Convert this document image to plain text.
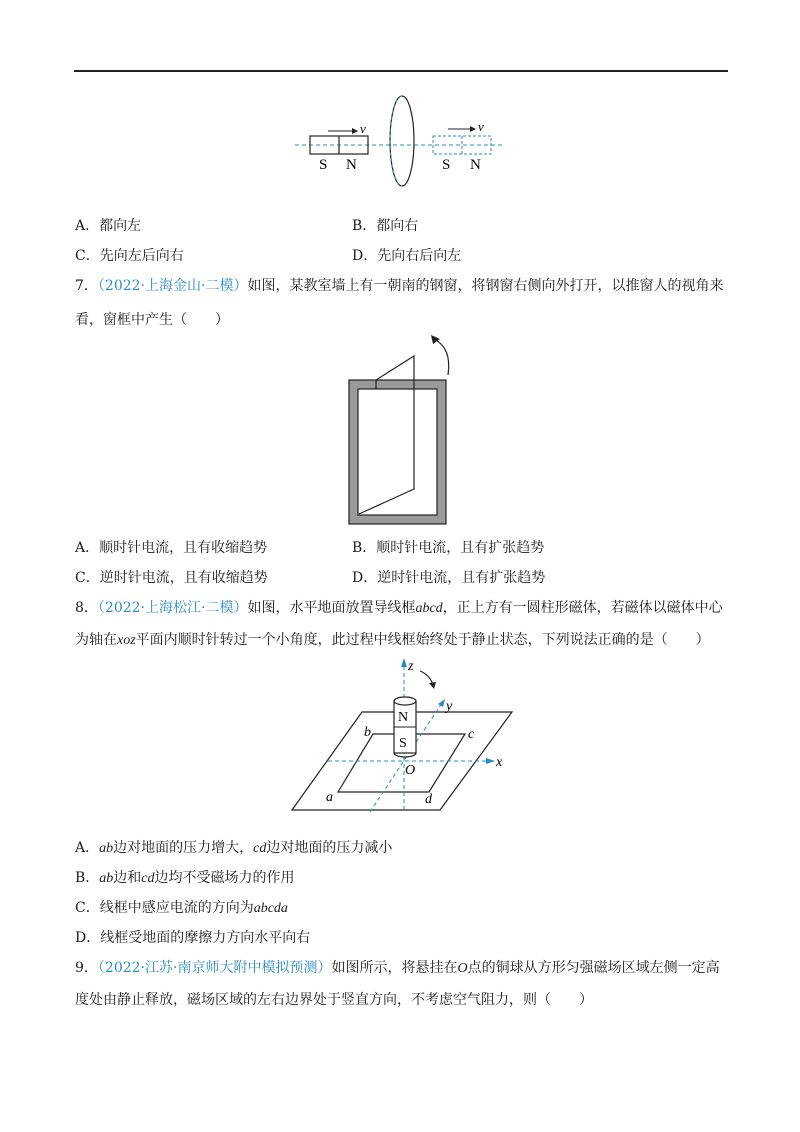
v
S N
v
S N
A．都向左	B．都向右
C．先向左后向右	D．先向右后向左
7．（2022·上海金山·二模）如图，某教室墙上有一朝南的钢窗，将钢窗右侧向外打开，以推窗人的视角来
看，窗框中产生（　　）
A．顺时针电流，且有收缩趋势	B．顺时针电流，且有扩张趋势
C．逆时针电流，且有收缩趋势	D．逆时针电流，且有扩张趋势
8．（2022·上海松江·二模）如图，水平地面放置导线框abcd，正上方有一圆柱形磁体，若磁体以磁体中心
为轴在xoz平面内顺时针转过一个小角度，此过程中线框始终处于静止状态，下列说法正确的是（　　）
z
y
x
O
N
S
a
b	c
d
A．ab边对地面的压力增大，cd边对地面的压力减小
B．ab边和cd边均不受磁场力的作用
C．线框中感应电流的方向为abcda
D．线框受地面的摩擦力方向水平向右
9．（2022·江苏·南京师大附中模拟预测）如图所示，将悬挂在O点的铜球从方形匀强磁场区域左侧一定高
度处由静止释放，磁场区域的左右边界处于竖直方向，不考虑空气阻力，则（　　）
